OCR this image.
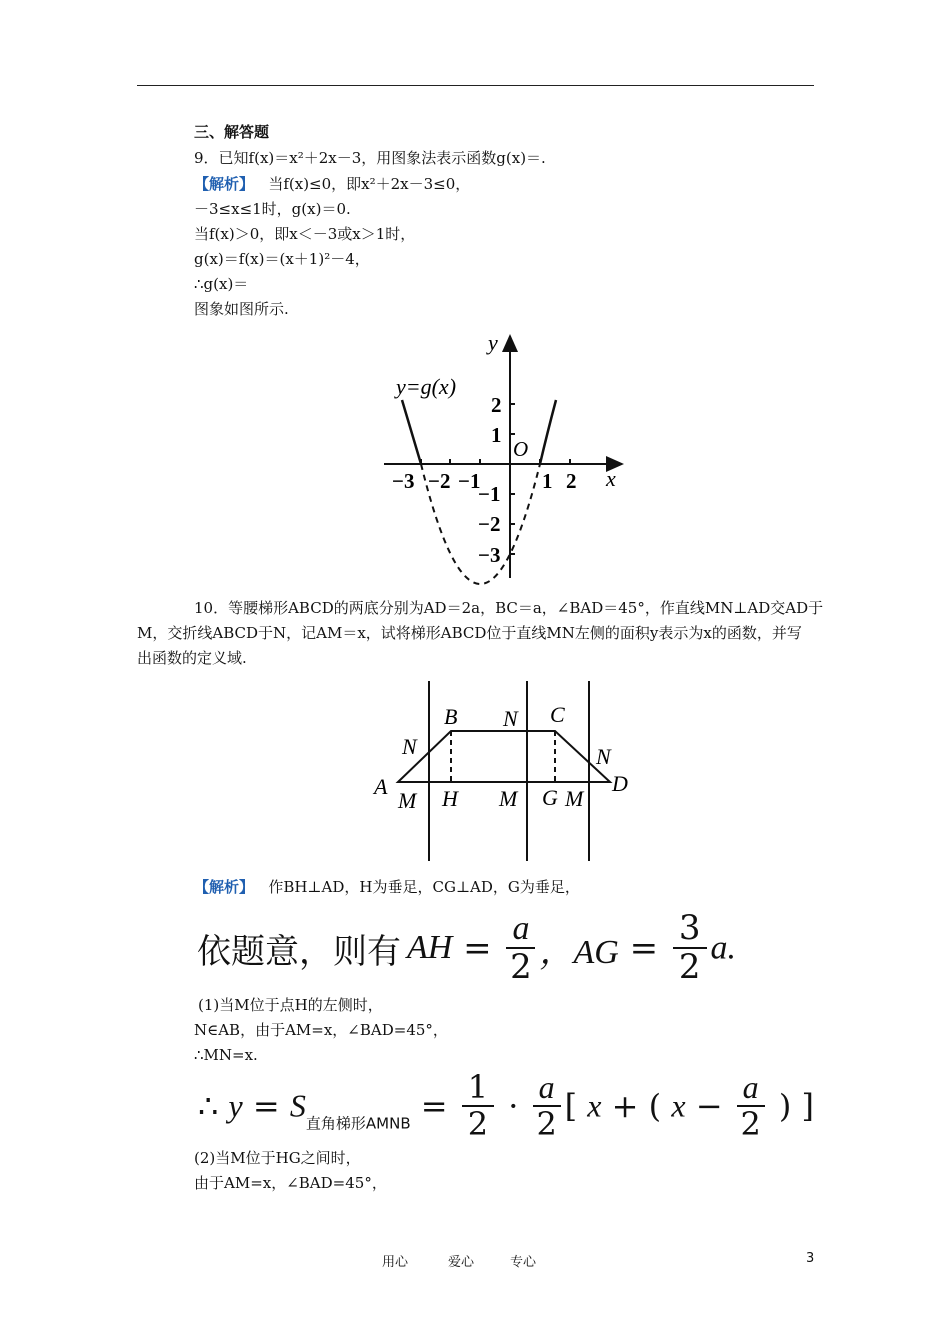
三、解答题
9．已知f(x)＝x²＋2x－3，用图象法表示函数g(x)＝.
【解析】 当f(x)≤0，即x²＋2x－3≤0，
－3≤x≤1时，g(x)＝0.
当f(x)＞0，即x＜－3或x＞1时，
g(x)＝f(x)＝(x＋1)²－4，
∴g(x)＝
图象如图所示.
y
x
O
y=g(x)
−3 −2 −1	1 2
2
1
−1
−2
−3
10．等腰梯形ABCD的两底分别为AD＝2a，BC＝a，∠BAD＝45°，作直线MN⊥AD交AD于
M，交折线ABCD于N，记AM＝x，试将梯形ABCD位于直线MN左侧的面积y表示为x的函数，并写
出函数的定义域.
A
B N C
N	N
D
M H M G M
【解析】 作BH⊥AD，H为垂足，CG⊥AD，G为垂足，
依题意，则有 AH = $\frac{a}{2}$ ，AG = $\frac{3}{2} a$.
(1)当M位于点H的左侧时，
N∈AB，由于AM=x，∠BAD=45°，
∴MN=x.
∴ $y = S_{直角梯形AMNB} = \frac{1}{2} \cdot \frac{a}{2}$ [ x + ( $x - \frac{a}{2}$ ) ]
(2)当M位于HG之间时，
由于AM=x，∠BAD=45°，
用心	爱心	专心	3
